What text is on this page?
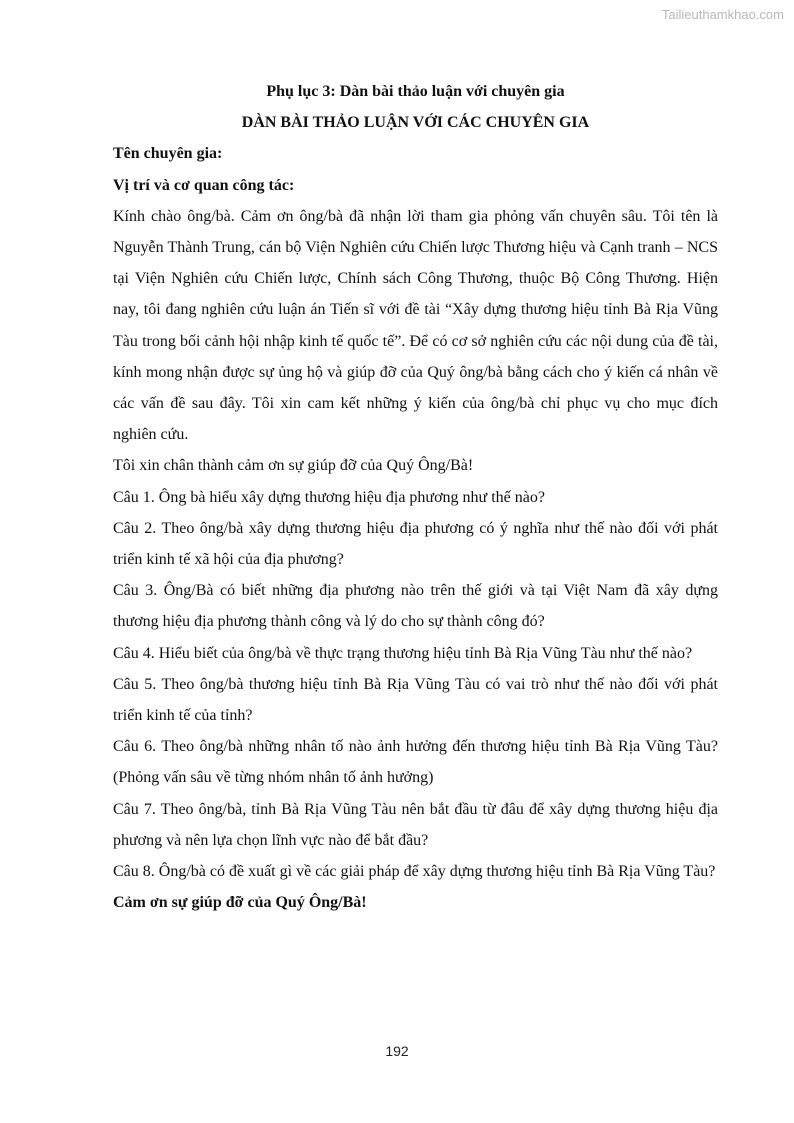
Tailieuthamkhao.com

Phụ lục 3: Dàn bài thảo luận với chuyên gia

DÀN BÀI THẢO LUẬN VỚI CÁC CHUYÊN GIA

Tên chuyên gia:

Vị trí và cơ quan công tác:

Kính chào ông/bà. Cảm ơn ông/bà đã nhận lời tham gia phỏng vấn chuyên sâu. Tôi tên là Nguyễn Thành Trung, cán bộ Viện Nghiên cứu Chiến lược Thương hiệu và Cạnh tranh – NCS tại Viện Nghiên cứu Chiến lược, Chính sách Công Thương, thuộc Bộ Công Thương. Hiện nay, tôi đang nghiên cứu luận án Tiến sĩ với đề tài “Xây dựng thương hiệu tỉnh Bà Rịa Vũng Tàu trong bối cảnh hội nhập kinh tế quốc tế”. Để có cơ sở nghiên cứu các nội dung của đề tài, kính mong nhận được sự ủng hộ và giúp đỡ của Quý ông/bà bằng cách cho ý kiến cá nhân về các vấn đề sau đây. Tôi xin cam kết những ý kiến của ông/bà chỉ phục vụ cho mục đích nghiên cứu.

Tôi xin chân thành cảm ơn sự giúp đỡ của Quý Ông/Bà!

Câu 1. Ông bà hiểu xây dựng thương hiệu địa phương như thế nào?

Câu 2. Theo ông/bà xây dựng thương hiệu địa phương có ý nghĩa như thế nào đối với phát triển kinh tế xã hội của địa phương?

Câu 3. Ông/Bà có biết những địa phương nào trên thế giới và tại Việt Nam đã xây dựng thương hiệu địa phương thành công và lý do cho sự thành công đó?

Câu 4. Hiểu biết của ông/bà về thực trạng thương hiệu tỉnh Bà Rịa Vũng Tàu như thế nào?

Câu 5. Theo ông/bà thương hiệu tỉnh Bà Rịa Vũng Tàu có vai trò như thế nào đối với phát triển kinh tế của tỉnh?

Câu 6. Theo ông/bà những nhân tố nào ảnh hưởng đến thương hiệu tỉnh Bà Rịa Vũng Tàu? (Phỏng vấn sâu về từng nhóm nhân tố ảnh hưởng)

Câu 7. Theo ông/bà, tỉnh Bà Rịa Vũng Tàu nên bắt đầu từ đâu để xây dựng thương hiệu địa phương và nên lựa chọn lĩnh vực nào để bắt đầu?

Câu 8. Ông/bà có đề xuất gì về các giải pháp để xây dựng thương hiệu tỉnh Bà Rịa Vũng Tàu?

Cảm ơn sự giúp đỡ của Quý Ông/Bà!

192
